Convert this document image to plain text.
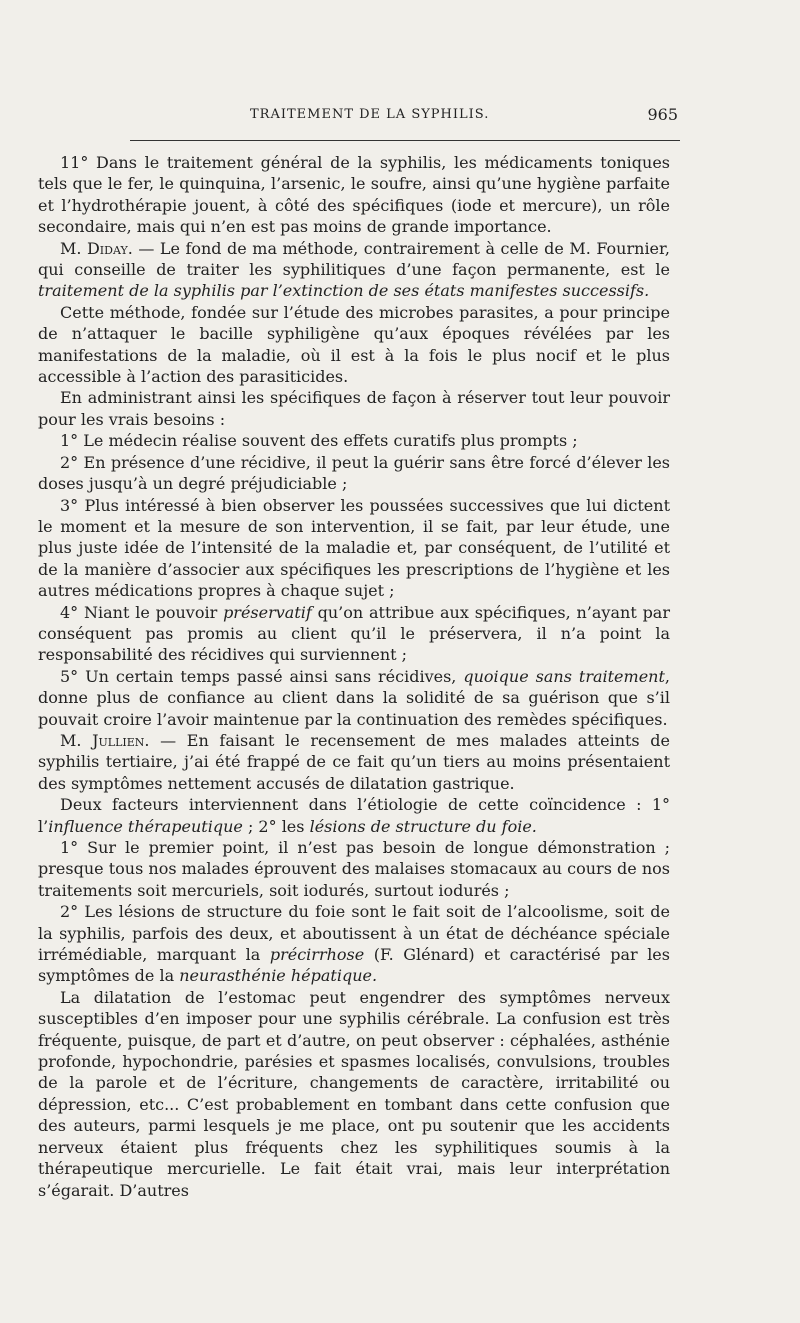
TRAITEMENT DE LA SYPHILIS.	965

11° Dans le traitement général de la syphilis, les médicaments toniques tels que le fer, le quinquina, l’arsenic, le soufre, ainsi qu’une hygiène parfaite et l’hydrothérapie jouent, à côté des spécifiques (iode et mercure), un rôle secondaire, mais qui n’en est pas moins de grande importance.

M. Diday. — Le fond de ma méthode, contrairement à celle de M. Fournier, qui conseille de traiter les syphilitiques d’une façon permanente, est le traitement de la syphilis par l’extinction de ses états manifestes successifs.

Cette méthode, fondée sur l’étude des microbes parasites, a pour principe de n’attaquer le bacille syphiligène qu’aux époques révélées par les manifestations de la maladie, où il est à la fois le plus nocif et le plus accessible à l’action des parasiticides.

En administrant ainsi les spécifiques de façon à réserver tout leur pouvoir pour les vrais besoins :

1° Le médecin réalise souvent des effets curatifs plus prompts ;

2° En présence d’une récidive, il peut la guérir sans être forcé d’élever les doses jusqu’à un degré préjudiciable ;

3° Plus intéressé à bien observer les poussées successives que lui dictent le moment et la mesure de son intervention, il se fait, par leur étude, une plus juste idée de l’intensité de la maladie et, par conséquent, de l’utilité et de la manière d’associer aux spécifiques les prescriptions de l’hygiène et les autres médications propres à chaque sujet ;

4° Niant le pouvoir préservatif qu’on attribue aux spécifiques, n’ayant par conséquent pas promis au client qu’il le préservera, il n’a point la responsabilité des récidives qui surviennent ;

5° Un certain temps passé ainsi sans récidives, quoique sans traitement, donne plus de confiance au client dans la solidité de sa guérison que s’il pouvait croire l’avoir maintenue par la continuation des remèdes spécifiques.

M. Jullien. — En faisant le recensement de mes malades atteints de syphilis tertiaire, j’ai été frappé de ce fait qu’un tiers au moins présentaient des symptômes nettement accusés de dilatation gastrique.

Deux facteurs interviennent dans l’étiologie de cette coïncidence : 1° l’influence thérapeutique ; 2° les lésions de structure du foie.

1° Sur le premier point, il n’est pas besoin de longue démonstration ; presque tous nos malades éprouvent des malaises stomacaux au cours de nos traitements soit mercuriels, soit iodurés, surtout iodurés ;

2° Les lésions de structure du foie sont le fait soit de l’alcoolisme, soit de la syphilis, parfois des deux, et aboutissent à un état de déchéance spéciale irrémédiable, marquant la précirrhose (F. Glénard) et caractérisé par les symptômes de la neurasthénie hépatique.

La dilatation de l’estomac peut engendrer des symptômes nerveux susceptibles d’en imposer pour une syphilis cérébrale. La confusion est très fréquente, puisque, de part et d’autre, on peut observer : céphalées, asthénie profonde, hypochondrie, parésies et spasmes localisés, convulsions, troubles de la parole et de l’écriture, changements de caractère, irritabilité ou dépression, etc... C’est probablement en tombant dans cette confusion que des auteurs, parmi lesquels je me place, ont pu soutenir que les accidents nerveux étaient plus fréquents chez les syphilitiques soumis à la thérapeutique mercurielle. Le fait était vrai, mais leur interprétation s’égarait. D’autres
